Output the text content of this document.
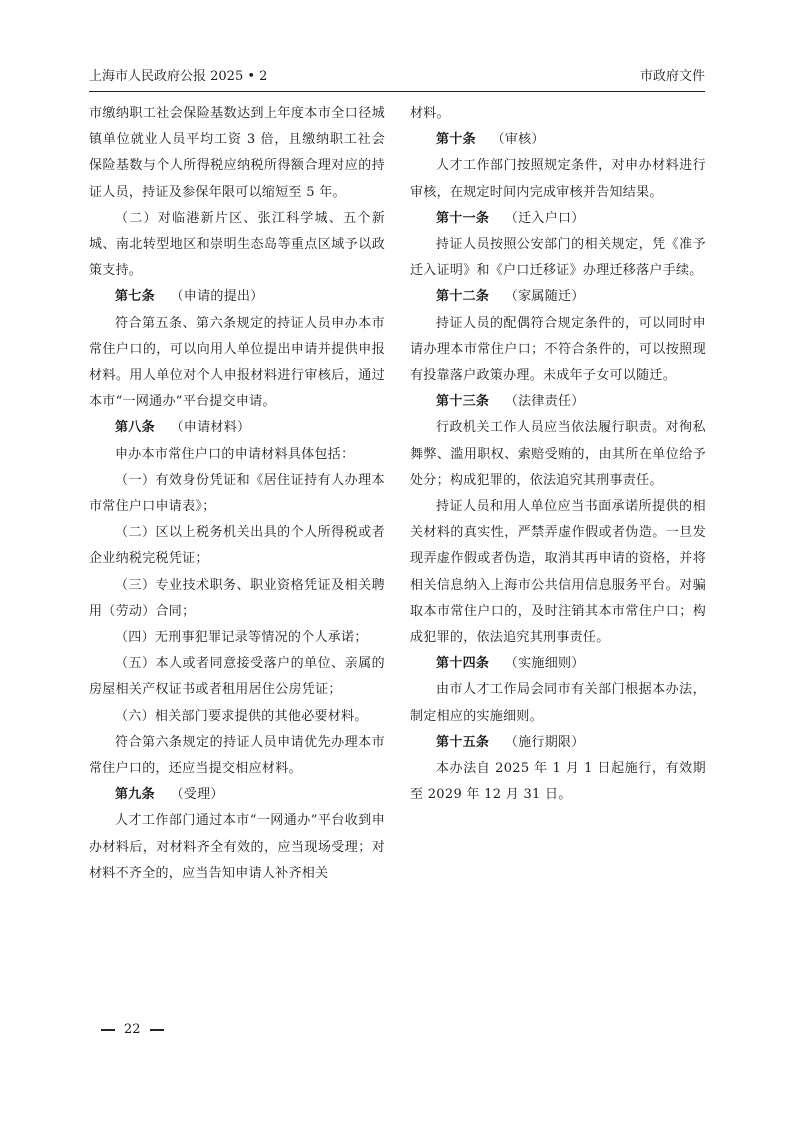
上海市人民政府公报 2025 • 2	市政府文件

市缴纳职工社会保险基数达到上年度本市全口径城镇单位就业人员平均工资 3 倍，且缴纳职工社会保险基数与个人所得税应纳税所得额合理对应的持证人员，持证及参保年限可以缩短至 5 年。

（二）对临港新片区、张江科学城、五个新城、南北转型地区和崇明生态岛等重点区域予以政策支持。

第七条 （申请的提出）

符合第五条、第六条规定的持证人员申办本市常住户口的，可以向用人单位提出申请并提供申报材料。用人单位对个人申报材料进行审核后，通过本市“一网通办”平台提交申请。

第八条 （申请材料）

申办本市常住户口的申请材料具体包括：

（一）有效身份凭证和《居住证持有人办理本市常住户口申请表》；

（二）区以上税务机关出具的个人所得税或者企业纳税完税凭证；

（三）专业技术职务、职业资格凭证及相关聘用（劳动）合同；

（四）无刑事犯罪记录等情况的个人承诺；

（五）本人或者同意接受落户的单位、亲属的房屋相关产权证书或者租用居住公房凭证；

（六）相关部门要求提供的其他必要材料。

符合第六条规定的持证人员申请优先办理本市常住户口的，还应当提交相应材料。

第九条 （受理）

人才工作部门通过本市“一网通办”平台收到申办材料后，对材料齐全有效的，应当现场受理；对材料不齐全的，应当告知申请人补齐相关

材料。

第十条 （审核）

人才工作部门按照规定条件，对申办材料进行审核，在规定时间内完成审核并告知结果。

第十一条 （迁入户口）

持证人员按照公安部门的相关规定，凭《准予迁入证明》和《户口迁移证》办理迁移落户手续。

第十二条 （家属随迁）

持证人员的配偶符合规定条件的，可以同时申请办理本市常住户口；不符合条件的，可以按照现有投靠落户政策办理。未成年子女可以随迁。

第十三条 （法律责任）

行政机关工作人员应当依法履行职责。对徇私舞弊、滥用职权、索赔受贿的，由其所在单位给予处分；构成犯罪的，依法追究其刑事责任。

持证人员和用人单位应当书面承诺所提供的相关材料的真实性，严禁弄虚作假或者伪造。一旦发现弄虚作假或者伪造，取消其再申请的资格，并将相关信息纳入上海市公共信用信息服务平台。对骗取本市常住户口的，及时注销其本市常住户口；构成犯罪的，依法追究其刑事责任。

第十四条 （实施细则）

由市人才工作局会同市有关部门根据本办法，制定相应的实施细则。

第十五条 （施行期限）

本办法自 2025 年 1 月 1 日起施行，有效期至 2029 年 12 月 31 日。

22
